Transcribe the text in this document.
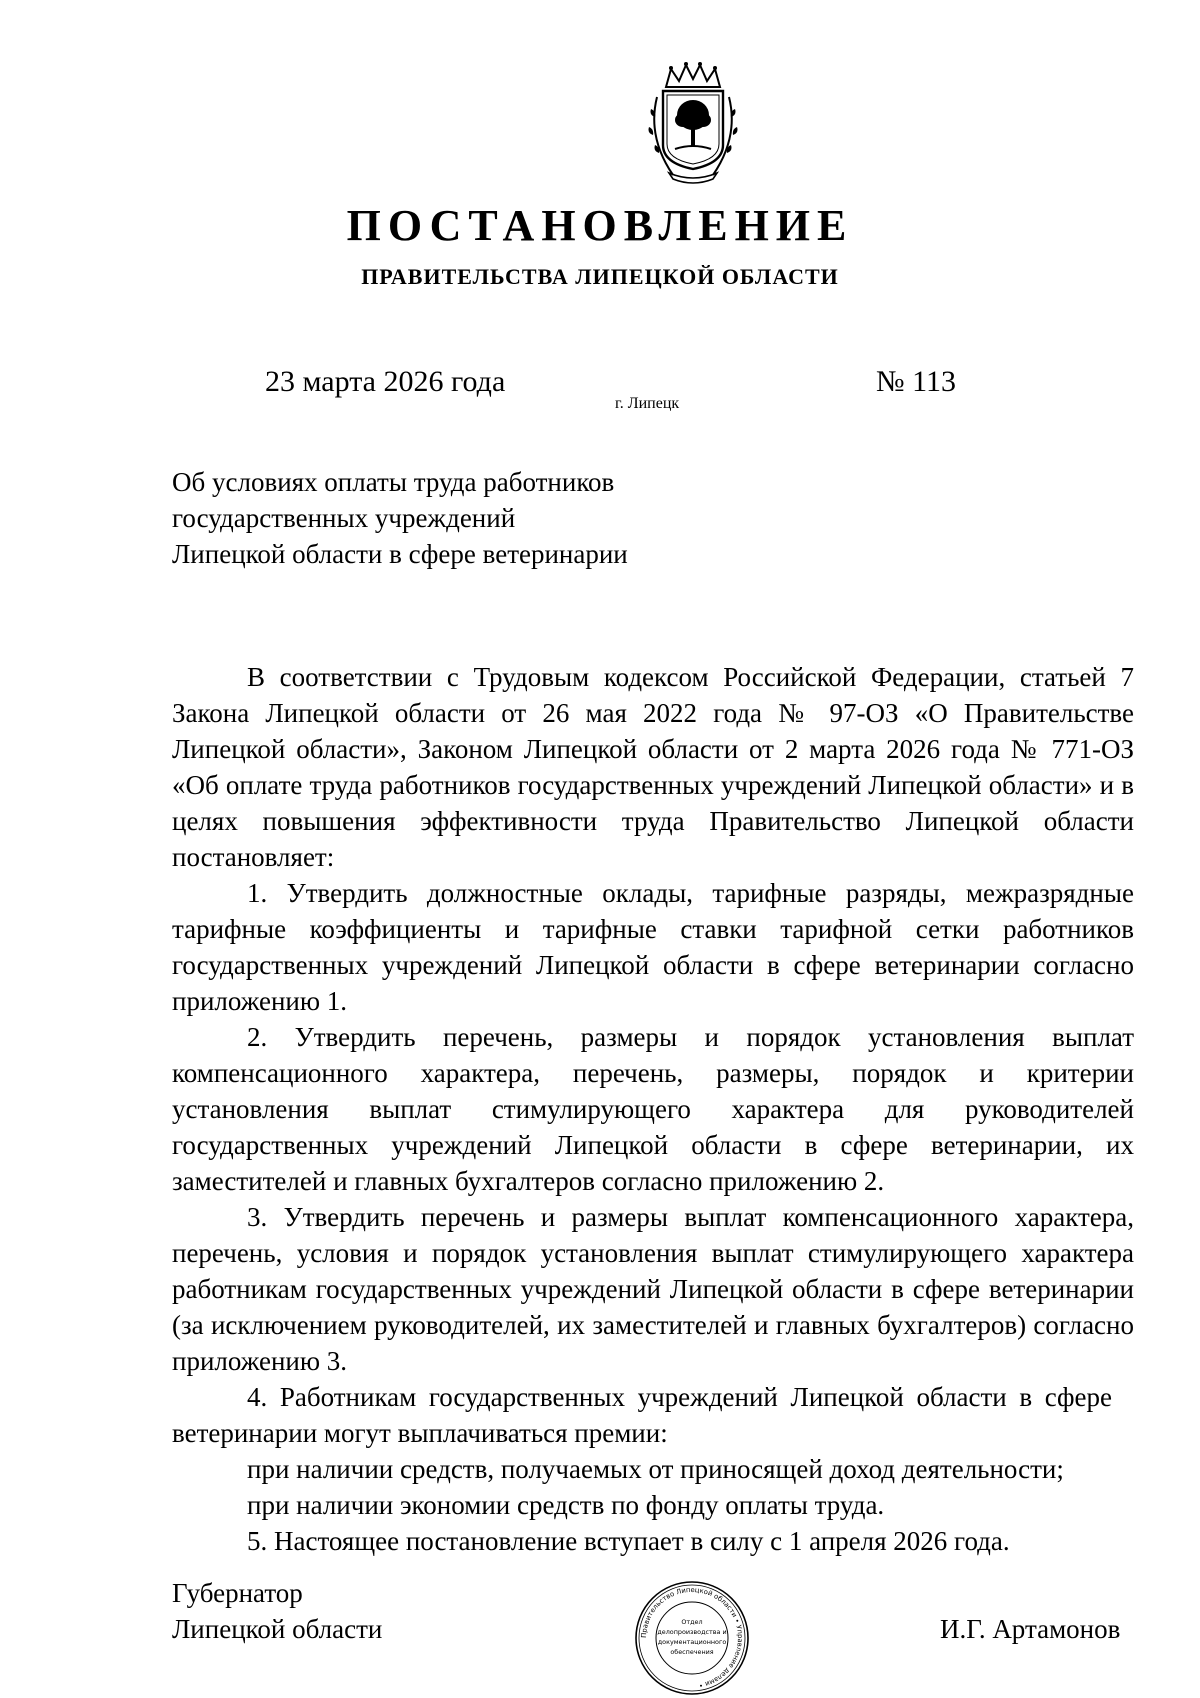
ПОСТАНОВЛЕНИЕ
ПРАВИТЕЛЬСТВА ЛИПЕЦКОЙ ОБЛАСТИ
23 марта 2026 года
г. Липецк
№ 113
Об условиях оплаты труда работников
государственных учреждений
Липецкой области в сфере ветеринарии

В соответствии с Трудовым кодексом Российской Федерации, статьей 7 Закона Липецкой области от 26 мая 2022 года № 97-ОЗ «О Правительстве Липецкой области», Законом Липецкой области от 2 марта 2026 года № 771-ОЗ «Об оплате труда работников государственных учреждений Липецкой области» и в целях повышения эффективности труда Правительство Липецкой области постановляет:

1. Утвердить должностные оклады, тарифные разряды, межразрядные тарифные коэффициенты и тарифные ставки тарифной сетки работников государственных учреждений Липецкой области в сфере ветеринарии согласно приложению 1.

2. Утвердить перечень, размеры и порядок установления выплат компенсационного характера, перечень, размеры, порядок и критерии установления выплат стимулирующего характера для руководителей государственных учреждений Липецкой области в сфере ветеринарии, их заместителей и главных бухгалтеров согласно приложению 2.

3. Утвердить перечень и размеры выплат компенсационного характера, перечень, условия и порядок установления выплат стимулирующего характера работникам государственных учреждений Липецкой области в сфере ветеринарии (за исключением руководителей, их заместителей и главных бухгалтеров) согласно приложению 3.

4. Работникам государственных учреждений Липецкой области в сфере ветеринарии могут выплачиваться премии:

при наличии средств, получаемых от приносящей доход деятельности;

при наличии экономии средств по фонду оплаты труда.

5. Настоящее постановление вступает в силу с 1 апреля 2026 года.

Губернатор
Липецкой области	Правительство Липецкой области • Управление делами •
Отдел
делопроизводства и
документационного
обеспечения
И.Г. Артамонов
